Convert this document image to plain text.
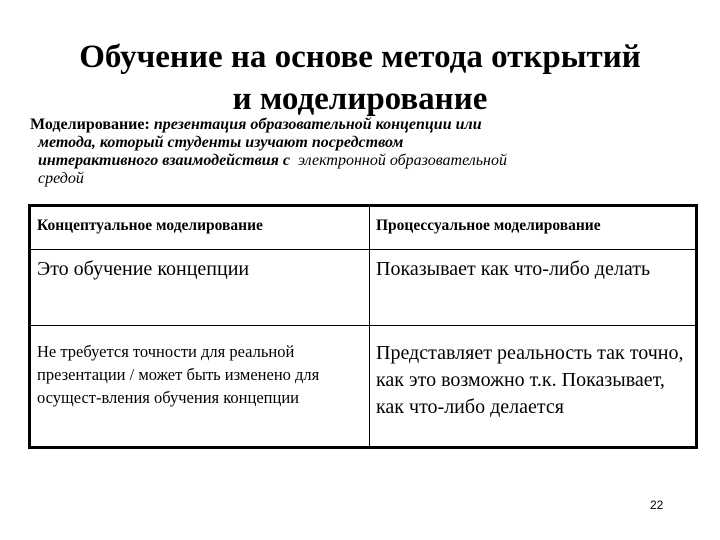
Обучение на основе метода открытий
и моделирование
Моделирование: презентация образовательной концепции или
метода, который студенты изучают посредством
интерактивного взаимодействия с электронной образовательной
средой
Концептуальное моделирование	Процессуальное моделирование
Это обучение концепции	Показывает как что-либо делать
Не требуется точности для реальной презентации / может быть изменено для осущест-вления обучения концепции	Представляет реальность так точно, как это возможно т.к. Показывает, как что-либо делается
22
